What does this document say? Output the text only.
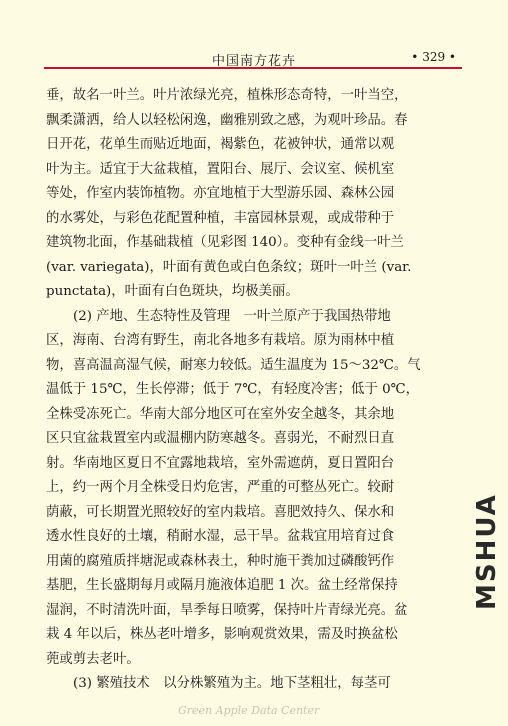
中国南方花卉	• 329 •
垂，故名一叶兰。叶片浓绿光亮，植株形态奇特，一叶当空，
飘柔潇洒，给人以轻松闲逸，幽雅别致之感，为观叶珍品。春
日开花，花单生而贴近地面，褐紫色，花被钟状，通常以观
叶为主。适宜于大盆栽植，置阳台、展厅、会议室、候机室
等处，作室内装饰植物。亦宜地植于大型游乐园、森林公园
的水雾处，与彩色花配置种植，丰富园林景观，或成带种于
建筑物北面，作基础栽植（见彩图 140）。变种有金线一叶兰
(var. variegata)，叶面有黄色或白色条纹；斑叶一叶兰 (var.
punctata)，叶面有白色斑块，均极美丽。
(2) 产地、生态特性及管理　一叶兰原产于我国热带地
区，海南、台湾有野生，南北各地多有栽培。原为雨林中植
物，喜高温高湿气候，耐寒力较低。适生温度为 15～32℃。气
温低于 15℃，生长停滞；低于 7℃，有轻度冷害；低于 0℃，
全株受冻死亡。华南大部分地区可在室外安全越冬，其余地
区只宜盆栽置室内或温棚内防寒越冬。喜弱光，不耐烈日直
射。华南地区夏日不宜露地栽培，室外需遮荫，夏日置阳台
上，约一两个月全株受日灼危害，严重的可整丛死亡。较耐
荫蔽，可长期置光照较好的室内栽培。喜肥效持久、保水和
透水性良好的土壤，稍耐水湿，忌干旱。盆栽宜用培育过食
用菌的腐殖质拌塘泥或森林表土，种时施干粪加过磷酸钙作
基肥，生长盛期每月或隔月施液体追肥 1 次。盆土经常保持
湿润，不时清洗叶面，旱季每日喷雾，保持叶片青绿光亮。盆
栽 4 年以后，株丛老叶增多，影响观赏效果，需及时换盆松
蔸或剪去老叶。
(3) 繁殖技术　以分株繁殖为主。地下茎粗壮，每茎可
MSHUA
Green Apple Data Center
